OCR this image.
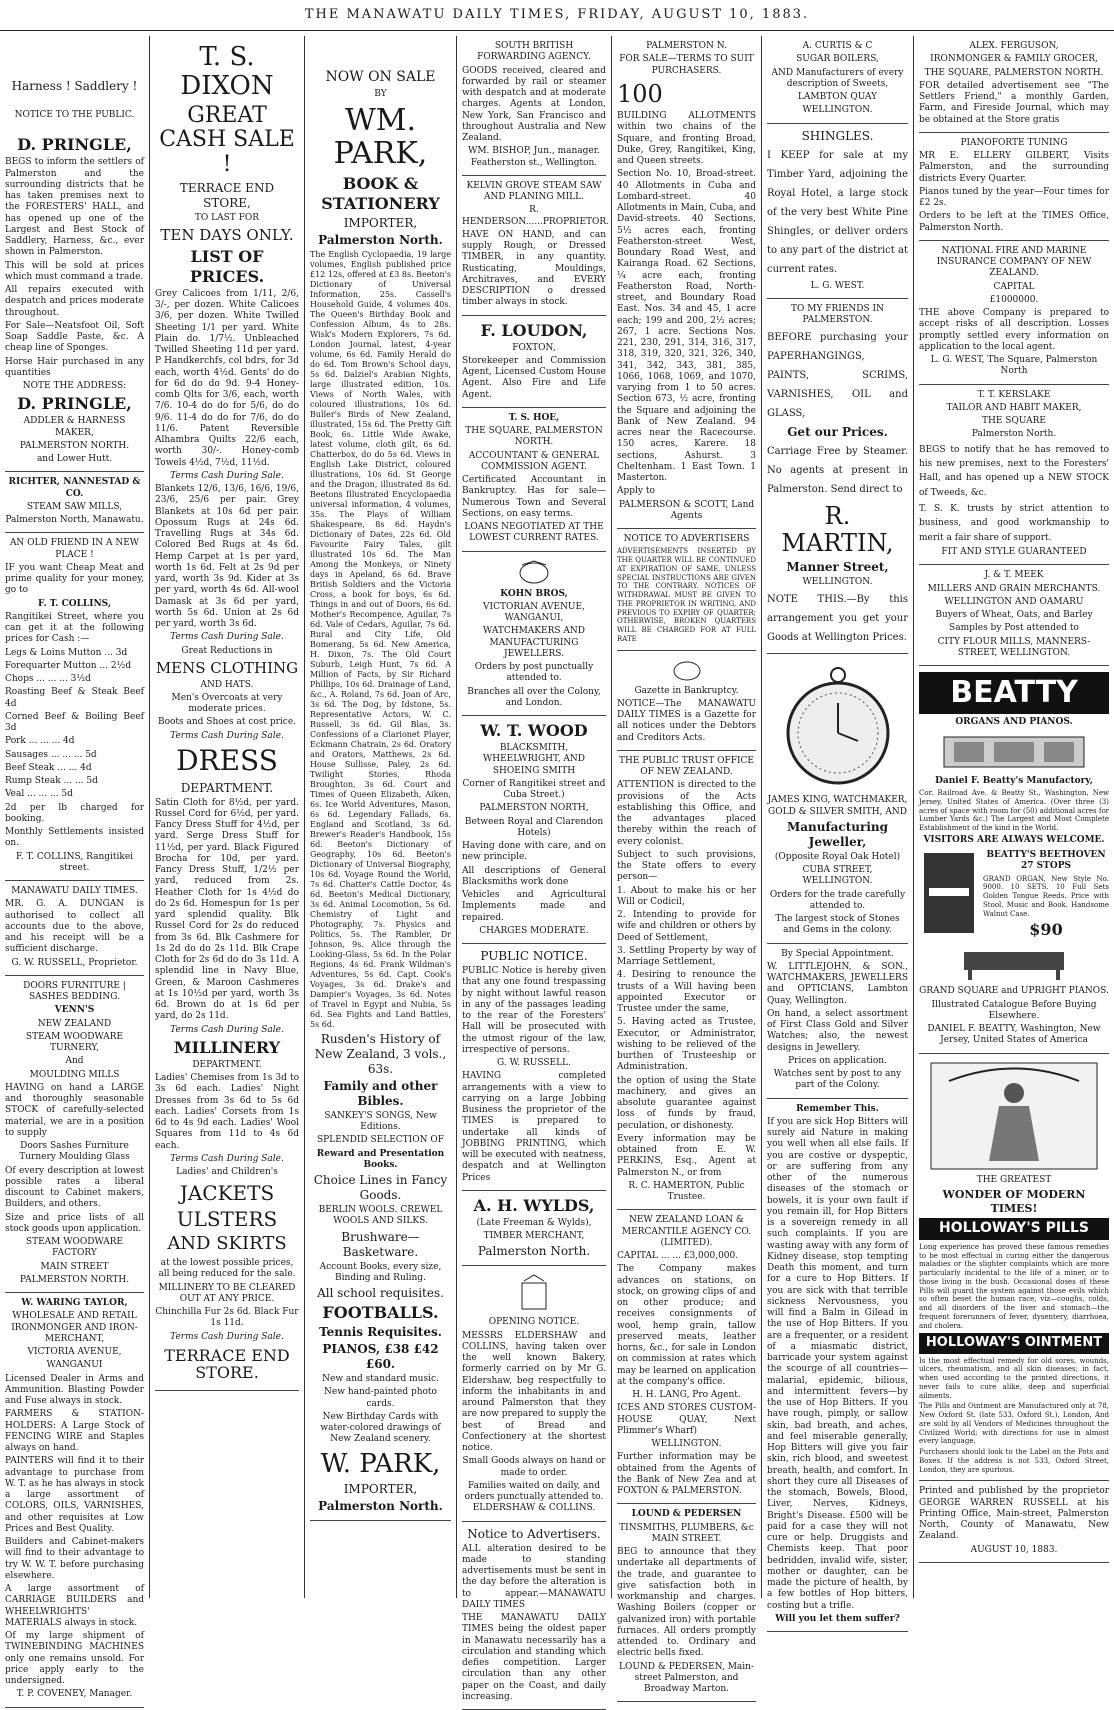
THE MANAWATU DAILY TIMES, FRIDAY, AUGUST 10, 1883.

Harness ! Saddlery !

NOTICE TO THE PUBLIC.

D. PRINGLE,

BEGS to inform the settlers of Palmerston and the surrounding districts that he has taken premises next to the FORESTERS' HALL, and has opened up one of the Largest and Best Stock of Saddlery, Harness, &c., ever shown in Palmerston.

This will be sold at prices which must command a trade.

All repairs executed with despatch and prices moderate throughout.

For Sale—Neatsfoot Oil, Soft Soap Saddle Paste, &c. A cheap line of Sponges.

Horse Hair purchased in any quantities

NOTE THE ADDRESS:

D. PRINGLE,

ADDLER & HARNESS MAKER,

PALMERSTON NORTH.

and Lower Hutt.

RICHTER, NANNESTAD & CO.

STEAM SAW MILLS,

Palmerston North, Manawatu.

AN OLD FRIEND IN A NEW PLACE !

IF you want Cheap Meat and prime quality for your money, go to

F. T. COLLINS,

Rangitikei Street, where you can get it at the following prices for Cash :—

Legs & Loins Mutton ... 3d

Forequarter Mutton ... 2½d

Chops ... ... ... 3½d

Roasting Beef & Steak Beef 4d

Corned Beef & Boiling Beef 3d

Pork ... ... ... 4d

Sausages ... ... ... 5d

Beef Steak ... ... 4d

Rump Steak ... ... 5d

Veal ... ... ... 5d

2d per lb charged for booking.

Monthly Settlements insisted on.

F. T. COLLINS, Rangitikei street.

MANAWATU DAILY TIMES.

MR. G. A. DUNGAN is authorised to collect all accounts due to the above, and his receipt will be a sufficient discharge.

G. W. RUSSELL, Proprietor.

DOORS FURNITURE | SASHES BEDDING.

VENN'S

NEW ZEALAND

STEAM WOODWARE TURNERY,

And

MOULDING MILLS

HAVING on hand a LARGE and thoroughly seasonable STOCK of carefully-selected material, we are in a position to supply

Doors Sashes Furniture Turnery Moulding Glass

Of every description at lowest possible rates a liberal discount to Cabinet makers, Builders, and others.

Size and price lists of all stock goods upon application.

STEAM WOODWARE FACTORY

MAIN STREET

PALMERSTON NORTH.

W. WARING TAYLOR,

WHOLESALE AND RETAIL IRONMONGER AND IRON-MERCHANT,

VICTORIA AVENUE,

WANGANUI

Licensed Dealer in Arms and Ammunition. Blasting Powder and Fuse always in stock.

FARMERS & STATION-HOLDERS: A Large Stock of FENCING WIRE and Staples always on hand.

PAINTERS will find it to their advantage to purchase from W. T. as he has always in stock a large assortment of COLORS, OILS, VARNISHES, and other requisites at Low Prices and Best Quality.

Builders and Cabinet-makers will find to their advantage to try W. W. T. before purchasing elsewhere.

A large assortment of CARRIAGE BUILDERS and WHEELWRIGHTS' MATERIALS always in stock.

Of my large shipment of TWINEBINDING MACHINES only one remains unsold. For price apply early to the undersigned.

T. P. COVENEY, Manager.

T. S. DIXON

GREAT CASH SALE !

TERRACE END STORE,

TO LAST FOR

TEN DAYS ONLY.

LIST OF PRICES.

Grey Calicoes from 1/11, 2/6, 3/-, per dozen. White Calicoes 3/6, per dozen. White Twilled Sheeting 1/1 per yard. White Plain do. 1/7½. Unbleached Twilled Sheeting 11d per yard. P Handkerchfs, col bdrs, for 3d each, worth 4½d. Gents' do do for 6d do do 9d. 9-4 Honey-comb Qlts for 3/6, each, worth 7/6. 10-4 do do for 5/6, do do 9/6. 11-4 do do for 7/6, do do 11/6. Patent Reversible Alhambra Quilts 22/6 each, worth 30/-. Honey-comb Towels 4½d, 7½d, 11½d.

Terms Cash During Sale.

Blankets 12/6, 13/6, 16/6, 19/6, 23/6, 25/6 per pair. Grey Blankets at 10s 6d per pair. Opossum Rugs at 24s 6d. Travelling Rugs at 34s 6d. Colored Bed Rugs at 4s 6d. Hemp Carpet at 1s per yard, worth 1s 6d. Felt at 2s 9d per yard, worth 3s 9d. Kider at 3s per yard, worth 4s 6d. All-wool Damask at 3s 6d per yard, worth 5s 6d. Union at 2s 6d per yard, worth 3s 6d.

Terms Cash During Sale.

Great Reductions in

MENS CLOTHING

AND HATS.

Men's Overcoats at very moderate prices.

Boots and Shoes at cost price.

Terms Cash During Sale.

DRESS

DEPARTMENT.

Satin Cloth for 8½d, per yard. Russel Cord for 6½d, per yard. Fancy Dress Stuff for 4½d, per yard. Serge Dress Stuff for 11½d, per yard. Black Figured Brocha for 10d, per yard. Fancy Dress Stuff, 1/2½ per yard, reduced from 2s. Heather Cloth for 1s 4½d do do 2s 6d. Homespun for 1s per yard splendid quality. Blk Russel Cord for 2s do reduced from 3s 6d. Blk Cashmere for 1s 2d do do 2s 11d. Blk Crape Cloth for 2s 6d do do 3s 11d. A splendid line in Navy Blue, Green, & Maroon Cashmeres at 1s 10½d per yard, worth 3s 6d. Brown do at 1s 6d per yard, do 2s 11d.

Terms Cash During Sale.

MILLINERY

DEPARTMENT.

Ladies' Chemises from 1s 3d to 3s 6d each. Ladies' Night Dresses from 3s 6d to 5s 6d each. Ladies' Corsets from 1s 6d to 4s 9d each. Ladies' Wool Squares from 11d to 4s 6d each.

Terms Cash During Sale.

Ladies' and Children's

JACKETS

ULSTERS

AND SKIRTS

at the lowest possible prices, all being reduced for the sale.

MILLINERY TO BE CLEARED OUT AT ANY PRICE.

Chinchilla Fur 2s 6d. Black Fur 1s 11d.

Terms Cash During Sale.

TERRACE END STORE.

NOW ON SALE

BY

WM. PARK,

BOOK & STATIONERY

IMPORTER,

Palmerston North.

The English Cyclopaedia, 19 large volumes, English published price £12 12s, offered at £3 8s. Beeton's Dictionary of Universal Information, 25s. Cassell's Household Guide, 4 volumes 40s. The Queen's Birthday Book and Confession Album, 4s to 28s. Wisk's Modern Explorers, 7s 6d. London Journal, latest, 4-year volume, 6s 6d. Family Herald do do 6d. Tom Brown's School days, 5s 6d. Dalziel's Arabian Nights, large illustrated edition, 10s. Views of North Wales, with coloured illustrations, 10s 6d. Buller's Birds of New Zealand, illustrated, 15s 6d. The Pretty Gift Book, 6s. Little Wide Awake, latest volume, cloth gilt, 6s 6d. Chatterbox, do do 5s 6d. Views in English Lake District, coloured illustrations, 10s 6d. St George and the Dragon, illustrated 8s 6d. Beetons Illustrated Encyclopaedia universal information, 4 volumes, 35s. The Plays of William Shakespeare, 8s 6d. Haydn's Dictionary of Dates, 22s 6d. Old Favourite Fairy Tales, gilt illustrated 10s 6d. The Man Among the Monkeys, or Ninety days in Apeland, 6s 6d. Brave British Soldiers and the Victoria Cross, a book for boys, 6s 6d. Things in and out of Doors, 6s 6d. Mother's Recompence, Aguilar, 7s 6d. Vale of Cedars, Aguilar, 7s 6d. Rural and City Life, Old Bomerang, 5s 6d. New America, H. Dixon, 7s. The Old Court Suburb, Leigh Hunt, 7s 6d. A Million of Facts, by Sir Richard Phillips, 10s 6d. Drainage of Land, &c., A. Roland, 7s 6d. Joan of Arc, 3s 6d. The Dog, by Idstone, 5s. Representative Actors, W. C. Russell, 3s 6d. Gil Blas, 3s. Confessions of a Clarionet Player, Eckmann Chatrain, 2s 6d. Oratory and Orators, Matthews, 2s 6d. House Sullisse, Paley, 2s 6d. Twilight Stories, Rhoda Broughton, 3s 6d. Court and Times of Queen Elizabeth, Aiken, 6s. Ice World Adventures, Mason, 6s 6d. Legendary Fallads, 6s. England and Scotland, 3s 6d. Brewer's Reader's Handbook, 15s 6d. Beeton's Dictionary of Geography, 10s 6d. Beeton's Dictionary of Universal Biography, 10s 6d. Voyage Round the World, 7s 6d. Chatter's Cattle Doctor, 4s 6d. Beeton's Medical Dictionary, 3s 6d. Animal Locomotion, 5s 6d. Chemistry of Light and Photography, 7s. Physics and Politics, 5s. The Rambler, Dr Johnson, 9s. Alice through the Looking-Glass, 5s 6d. In the Polar Regions, 4s 6d. Frank Wildman's Adventures, 5s 6d. Capt. Cook's Voyages, 3s 6d. Drake's and Dampier's Voyages, 3s 6d. Notes of Travel in Egypt and Nubia, 5s 6d. Sea Fights and Land Battles, 5s 6d.

Rusden's History of New Zealand, 3 vols., 63s.

Family and other Bibles.

SANKEY'S SONGS, New Editions.

SPLENDID SELECTION OF

Reward and Presentation Books.

Choice Lines in Fancy Goods.

BERLIN WOOLS. CREWEL WOOLS AND SILKS.

Brushware—Basketware.

Account Books, every size, Binding and Ruling.

All school requisites.

FOOTBALLS.

Tennis Requisites.

PIANOS, £38 £42 £60.

New and standard music.

New hand-painted photo cards.

New Birthday Cards with water-colored drawings of New Zealand scenery.

W. PARK,

IMPORTER,

Palmerston North.

SOUTH BRITISH FORWARDING AGENCY.

GOODS received, cleared and forwarded by rail or steamer with despatch and at moderate charges. Agents at London, New York, San Francisco and throughout Australia and New Zealand.

WM. BISHOP, Jun., manager. Featherston st., Wellington.

KELVIN GROVE STEAM SAW AND PLANING MILL.

R. HENDERSON......PROPRIETOR.

HAVE ON HAND, and can supply Rough, or Dressed TIMBER, in any quantity. Rusticating, Mouldings, Architraves, and EVERY DESCRIPTION o dressed timber always in stock.

F. LOUDON,

FOXTON,

Storekeeper and Commission Agent, Licensed Custom House Agent. Also Fire and Life Agent.

T. S. HOE,

THE SQUARE, PALMERSTON NORTH.

ACCOUNTANT & GENERAL COMMISSION AGENT.

Certificated Accountant in Bankruptcy. Has for sale—Numerous Town and Several Sections, on easy terms.

LOANS NEGOTIATED AT THE LOWEST CURRENT RATES.

KOHN BROS,

VICTORIAN AVENUE, WANGANUI,

WATCHMAKERS AND MANUFACTURING JEWELLERS.

Orders by post punctually attended to.

Branches all over the Colony, and London.

W. T. WOOD

BLACKSMITH, WHEELWRIGHT, AND SHOEING SMITH

Corner of Rangitikei street and Cuba Street.)

PALMERSTON NORTH,

Between Royal and Clarendon Hotels)

Having done with care, and on new principle.

All descriptions of General Blacksmiths work done

Vehicles and Agricultural Implements made and repaired.

CHARGES MODERATE.

PUBLIC NOTICE.

PUBLIC Notice is hereby given that any one found trespassing by night without lawful reason in any of the passages leading to the rear of the Foresters' Hall will be prosecuted with the utmost rigour of the law, irrespective of persons.

G. W. RUSSELL.

HAVING completed arrangements with a view to carrying on a large Jobbing Business the proprietor of the TIMES is prepared to undertake all kinds of JOBBING PRINTING, which will be executed with neatness, despatch and at Wellington Prices

A. H. WYLDS,

(Late Freeman & Wylds),

TIMBER MERCHANT,

Palmerston North.

OPENING NOTICE.

MESSRS ELDERSHAW and COLLINS, having taken over the well known Bakery, formerly carried on by Mr G. Eldershaw, beg respectfully to inform the inhabitants in and around Palmerston that they are now prepared to supply the best of Bread and Confectionery at the shortest notice.

Small Goods always on hand or made to order.

Families waited on daily, and orders punctually attended to. ELDERSHAW & COLLINS.

Notice to Advertisers.

ALL alteration desired to be made to standing advertisements must be sent in the day before the alteration is to appear.—MANAWATU DAILY TIMES

THE MANAWATU DAILY TIMES being the oldest paper in Manawatu necessarily has a circulation and standing which defies competition. Larger circulation than any other paper on the Coast, and daily increasing.

PALMERSTON N.

FOR SALE—TERMS TO SUIT PURCHASERS.

100

BUILDING ALLOTMENTS within two chains of the Square, and fronting Broad, Duke, Grey, Rangitikei, King, and Queen streets.

Section No. 10, Broad-street. 40 Allotments in Cuba and Lombard-street. 40 Allotments in Main, Cuba, and David-streets. 40 Sections, 5½ acres each, fronting Featherston-street West, Boundary Road West, and Kairanga Road. 62 Sections, ¼ acre each, fronting Featherston Road, North-street, and Boundary Road East. Nos. 34 and 45, 1 acre each; 199 and 200, 2½ acres; 267, 1 acre. Sections Nos. 221, 230, 291, 314, 316, 317, 318, 319, 320, 321, 326, 340, 341, 342, 343, 381, 385, 1066, 1068, 1069, and 1070, varying from 1 to 50 acres. Section 673, ½ acre, fronting the Square and adjoining the Bank of New Zealand. 94 acres near the Racecourse. 150 acres, Karere. 18 sections, Ashurst. 3 Cheltenham. 1 East Town. 1 Masterton.

Apply to

PALMERSON & SCOTT, Land Agents

NOTICE TO ADVERTISERS

ADVERTISEMENTS INSERTED BY THE QUARTER WILL BE CONTINUED AT EXPIRATION OF SAME, UNLESS SPECIAL INSTRUCTIONS ARE GIVEN TO THE CONTRARY. NOTICES OF WITHDRAWAL MUST BE GIVEN TO THE PROPRIETOR IN WRITING, AND PREVIOUS TO EXPIRY OF QUARTER; OTHERWISE, BROKEN QUARTERS WILL BE CHARGED FOR AT FULL RATE

Gazette in Bankruptcy.

NOTICE—The MANAWATU DAILY TIMES is a Gazette for all notices under the Debtors and Creditors Acts.

THE PUBLIC TRUST OFFICE OF NEW ZEALAND.

ATTENTION is directed to the provisions of the Acts establishing this Office, and the advantages placed thereby within the reach of every colonist.

Subject to such provisions, the State offers to every person—

1. About to make his or her Will or Codicil,

2. Intending to provide for wife and children or others by Deed of Settlement,

3. Settling Property by way of Marriage Settlement,

4. Desiring to renounce the trusts of a Will having been appointed Executor or Trustee under the same,

5. Having acted as Trustee, Executor, or Administrator, wishing to be relieved of the burthen of Trusteeship or Administration.

the option of using the State machinery, and gives an absolute guarantee against loss of funds by fraud, peculation, or dishonesty.

Every information may be obtained from E. W. PERKINS, Esq., Agent at Palmerston N., or from

R. C. HAMERTON, Public Trustee.

NEW ZEALAND LOAN & MERCANTILE AGENCY CO. (LIMITED).

CAPITAL ... ... £3,000,000.

The Company makes advances on stations, on stock, on growing clips of and on other produce; and receives consignments of wool, hemp grain, tallow preserved meats, leather horns, &c., for sale in London on commission at rates which may be learned on application at the company's office.

H. H. LANG, Pro Agent.

ICES AND STORES CUSTOM-HOUSE QUAY, Next Plimmer's Wharf)

WELLINGTON.

Further information may be obtained from the Agents of the Bank of New Zea and at FOXTON & PALMERSTON.

LOUND & PEDERSEN

TINSMITHS, PLUMBERS, &c MAIN STREET.

BEG to announce that they undertake all departments of the trade, and guarantee to give satisfaction both in workmanship and charges. Washing Boilers (copper or galvanized iron) with portable furnaces. All orders promptly attended to. Ordinary and electric bells fixed.

LOUND & PEDERSEN, Main-street Palmerston, and Broadway Marton.

A. CURTIS & C

SUGAR BOILERS,

AND Manufacturers of every description of Sweets,

LAMBTON QUAY

WELLINGTON.

SHINGLES.

I KEEP for sale at my Timber Yard, adjoining the Royal Hotel, a large stock of the very best White Pine Shingles, or deliver orders to any part of the district at current rates.

L. G. WEST.

TO MY FRIENDS IN PALMERSTON.

BEFORE purchasing your PAPERHANGINGS, PAINTS, SCRIMS, VARNISHES, OIL and GLASS,

Get our Prices.

Carriage Free by Steamer. No agents at present in Palmerston. Send direct to

R. MARTIN,

Manner Street,

WELLINGTON.

NOTE THIS.—By this arrangement you get your Goods at Wellington Prices.

JAMES KING, WATCHMAKER, GOLD & SILVER SMITH, AND

Manufacturing Jeweller,

(Opposite Royal Oak Hotel)

CUBA STREET, WELLINGTON.

Orders for the trade carefully attended to.

The largest stock of Stones and Gems in the colony.

By Special Appointment.

W. LITTLEJOHN, & SON., WATCHMAKERS, JEWELLERS and OPTICIANS, Lambton Quay, Wellington.

On hand, a select assortment of First Class Gold and Silver Watches; also, the newest designs in Jewellery.

Prices on application.

Watches sent by post to any part of the Colony.

Remember This.

If you are sick Hop Bitters will surely aid Nature in making you well when all else fails. If you are costive or dyspeptic, or are suffering from any other of the numerous diseases of the stomach or bowels, it is your own fault if you remain ill, for Hop Bitters is a sovereign remedy in all such complaints. If you are wasting away with any form of Kidney disease, stop tempting Death this moment, and turn for a cure to Hop Bitters. If you are sick with that terrible sickness Nervousness, you will find a Balm in Gilead in the use of Hop Bitters. If you are a frequenter, or a resident of a miasmatic district, barricade your system against the scourge of all countries—malarial, epidemic, bilious, and intermittent fevers—by the use of Hop Bitters. If you have rough, pimply, or sallow skin, bad breath, and aches, and feel miserable generally, Hop Bitters will give you fair skin, rich blood, and sweetest breath, health, and comfort. In short they cure all Diseases of the stomach, Bowels, Blood, Liver, Nerves, Kidneys, Bright's Disease. £500 will be paid for a case they will not cure or help. Druggists and Chemists keep. That poor bedridden, invalid wife, sister, mother or daughter, can be made the picture of health, by a few bottles of Hop bitters, costing but a trifle.

Will you let them suffer?

ALEX. FERGUSON,

IRONMONGER & FAMILY GROCER,

THE SQUARE, PALMERSTON NORTH.

FOR detailed advertisement see "The Settlers Friend," a monthly Garden, Farm, and Fireside Journal, which may be obtained at the Store gratis

PIANOFORTE TUNING

MR E. ELLERY GILBERT, Visits Palmerston, and the surrounding districts Every Quarter.

Pianos tuned by the year—Four times for £2 2s.

Orders to be left at the TIMES Office, Palmerston North.

NATIONAL FIRE AND MARINE INSURANCE COMPANY OF NEW ZEALAND.

CAPITAL

£1000000.

THE above Company is prepared to accept risks of all description. Losses promptly settled every information on application to the local agent.

L. G. WEST, The Square, Palmerston North

T. T. KERSLAKE

TAILOR AND HABIT MAKER,

THE SQUARE

Palmerston North.

BEGS to notify that he has removed to his new premises, next to the Foresters' Hall, and has opened up a NEW STOCK of Tweeds, &c.

T. S. K. trusts by strict attention to business, and good workmanship to merit a fair share of support.

FIT AND STYLE GUARANTEED

J. & T. MEEK

MILLERS AND GRAIN MERCHANTS.

WELLINGTON AND OAMARU

Buyers of Wheat, Oats, and Barley

Samples by Post attended to

CITY FLOUR MILLS, MANNERS-STREET, WELLINGTON.

BEATTY

ORGANS AND PIANOS.

Daniel F. Beatty's Manufactory,

Cor. Railroad Ave. & Beatty St., Washington, New Jersey, United States of America. (Over three (3) acres of space with room for (50) additional acres for Lumber Yards &c.) The Largest and Most Complete Establishment of the kind in the World.

VISITORS ARE ALWAYS WELCOME.

BEATTY'S BEETHOVEN 27 STOPS

GRAND ORGAN, New Style No. 9000. 10 SETS. 10 Full Sets Golden Tongue Reeds. Price with Stool, Music and Book. Handsome Walnut Case.

$90

GRAND SQUARE and UPRIGHT PIANOS.

Illustrated Catalogue Before Buying Elsewhere.

DANIEL F. BEATTY, Washington, New Jersey, United States of America

THE GREATEST

WONDER OF MODERN TIMES!

HOLLOWAY'S PILLS

Long experience has proved these famous remedies to be most effectual in curing either the dangerous maladies or the slighter complaints which are more particularly incidental to the life of a miner, or to those living in the bush. Occasional doses of these Pills will guard the system against those evils which so often beset the human race, viz—coughs, colds, and all disorders of the liver and stomach—the frequent forerunners of fever, dysentery, diarrhoea, and cholera.

HOLLOWAY'S OINTMENT

Is the most effectual remedy for old sores, wounds, ulcers, rheumatism, and all skin diseases; in fact, when used according to the printed directions, it never fails to cure alike, deep and superficial ailments.

The Pills and Ointment are Manufactured only at 78, New Oxford St. (late 533, Oxford St.), London, And are sold by all Vendors of Medicines throughout the Civilized World; with directions for use in almost every language.

Purchasers should look to the Label on the Pots and Boxes. If the address is not 533, Oxford Street, London, they are spurious.

Printed and published by the proprietor GEORGE WARREN RUSSELL at his Printing Office, Main-street, Palmerston North, County of Manawatu, New Zealand.

AUGUST 10, 1883.
